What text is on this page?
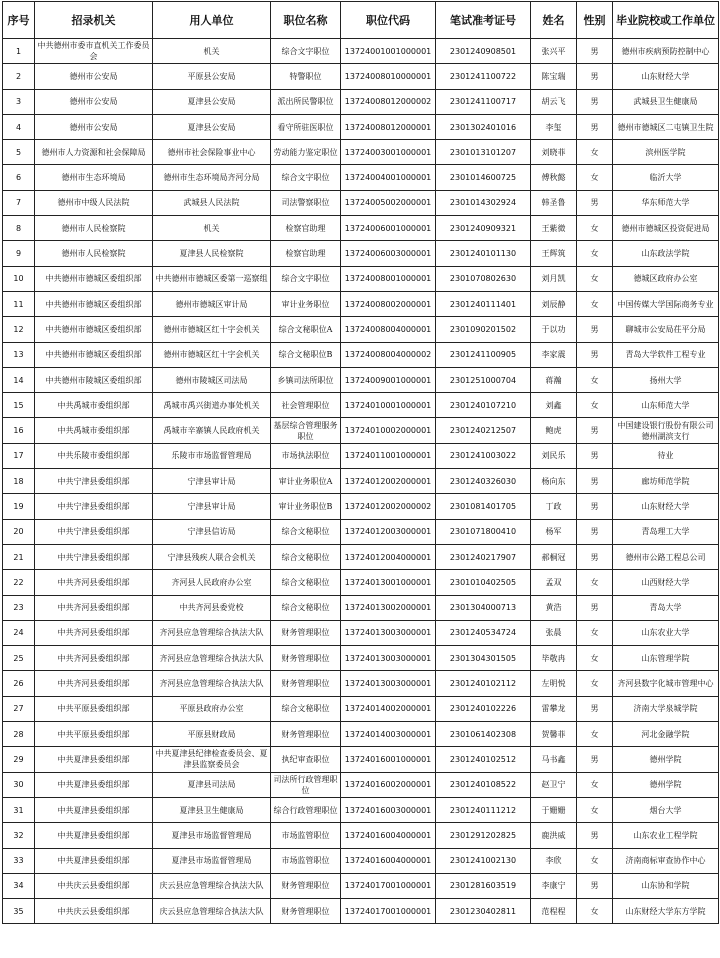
序号	招录机关	用人单位	职位名称	职位代码	笔试准考证号	姓名	性别	毕业院校或工作单位
1	中共德州市委市直机关工作委员会	机关	综合文字职位	13724001001000001	2301240908501	张兴平	男	德州市疾病预防控制中心
2	德州市公安局	平原县公安局	特警职位	13724008010000001	2301241100722	陈宝瑞	男	山东财经大学
3	德州市公安局	夏津县公安局	派出所民警职位	13724008012000002	2301241100717	胡云飞	男	武城县卫生健康局
4	德州市公安局	夏津县公安局	看守所驻医职位	13724008012000001	2301302401016	李玺	男	德州市德城区二屯镇卫生院
5	德州市人力资源和社会保障局	德州市社会保险事业中心	劳动能力鉴定职位	13724003001000001	2301013101207	刘晓菲	女	滨州医学院
6	德州市生态环境局	德州市生态环境局齐河分局	综合文字职位	13724004001000001	2301014600725	傅秋懿	女	临沂大学
7	德州市中级人民法院	武城县人民法院	司法警察职位	13724005002000001	2301014302924	韩圣鲁	男	华东师范大学
8	德州市人民检察院	机关	检察官助理	13724006001000001	2301240909321	王紫微	女	德州市德城区投资促进局
9	德州市人民检察院	夏津县人民检察院	检察官助理	13724006003000001	2301240101130	王辉筑	女	山东政法学院
10	中共德州市德城区委组织部	中共德州市德城区委第一巡察组	综合文字职位	13724008001000001	2301070802630	刘月凯	女	德城区政府办公室
11	中共德州市德城区委组织部	德州市德城区审计局	审计业务职位	13724008002000001	2301240111401	刘辰静	女	中国传媒大学国际商务专业
12	中共德州市德城区委组织部	德州市德城区红十字会机关	综合文秘职位A	13724008004000001	2301090201502	于以功	男	聊城市公安局茌平分局
13	中共德州市德城区委组织部	德州市德城区红十字会机关	综合文秘职位B	13724008004000002	2301241100905	李家震	男	青岛大学软件工程专业
14	中共德州市陵城区委组织部	德州市陵城区司法局	乡镇司法所职位	13724009001000001	2301251000704	蒋瀚	女	扬州大学
15	中共禹城市委组织部	禹城市禹兴街道办事处机关	社会管理职位	13724010001000001	2301240107210	刘鑫	女	山东师范大学
16	中共禹城市委组织部	禹城市辛寨镇人民政府机关	基层综合管理服务职位	13724010002000001	2301240212507	鲍虎	男	中国建设银行股份有限公司德州湖滨支行
17	中共乐陵市委组织部	乐陵市市场监督管理局	市场执法职位	13724011001000001	2301241003022	刘民乐	男	待业
18	中共宁津县委组织部	宁津县审计局	审计业务职位A	13724012002000001	2301240326030	杨向东	男	廊坊师范学院
19	中共宁津县委组织部	宁津县审计局	审计业务职位B	13724012002000002	2301081401705	丁政	男	山东财经大学
20	中共宁津县委组织部	宁津县信访局	综合文秘职位	13724012003000001	2301071800410	杨军	男	青岛理工大学
21	中共宁津县委组织部	宁津县残疾人联合会机关	综合文秘职位	13724012004000001	2301240217907	郝桐冠	男	德州市公路工程总公司
22	中共齐河县委组织部	齐河县人民政府办公室	综合文秘职位	13724013001000001	2301010402505	孟双	女	山西财经大学
23	中共齐河县委组织部	中共齐河县委党校	综合文秘职位	13724013002000001	2301304000713	黄浩	男	青岛大学
24	中共齐河县委组织部	齐河县应急管理综合执法大队	财务管理职位	13724013003000001	2301240534724	张晨	女	山东农业大学
25	中共齐河县委组织部	齐河县应急管理综合执法大队	财务管理职位	13724013003000001	2301304301505	毕敬冉	女	山东管理学院
26	中共齐河县委组织部	齐河县应急管理综合执法大队	财务管理职位	13724013003000001	2301240102112	左明悦	女	齐河县数字化城市管理中心
27	中共平原县委组织部	平原县政府办公室	综合文秘职位	13724014002000001	2301240102226	雷攀龙	男	济南大学泉城学院
28	中共平原县委组织部	平原县财政局	财务管理职位	13724014003000001	2301061402308	贺馨菲	女	河北金融学院
29	中共夏津县委组织部	中共夏津县纪律检查委员会、夏津县监察委员会	执纪审查职位	13724016001000001	2301240102512	马书鑫	男	德州学院
30	中共夏津县委组织部	夏津县司法局	司法所行政管理职位	13724016002000001	2301240108522	赵卫宁	女	德州学院
31	中共夏津县委组织部	夏津县卫生健康局	综合行政管理职位	13724016003000001	2301240111212	于姗姗	女	烟台大学
32	中共夏津县委组织部	夏津县市场监督管理局	市场监管职位	13724016004000001	2301291202825	鹿洪威	男	山东农业工程学院
33	中共夏津县委组织部	夏津县市场监督管理局	市场监管职位	13724016004000001	2301241002130	李欣	女	济南商标审查协作中心
34	中共庆云县委组织部	庆云县应急管理综合执法大队	财务管理职位	13724017001000001	2301281603519	李康宁	男	山东协和学院
35	中共庆云县委组织部	庆云县应急管理综合执法大队	财务管理职位	13724017001000001	2301230402811	范程程	女	山东财经大学东方学院
